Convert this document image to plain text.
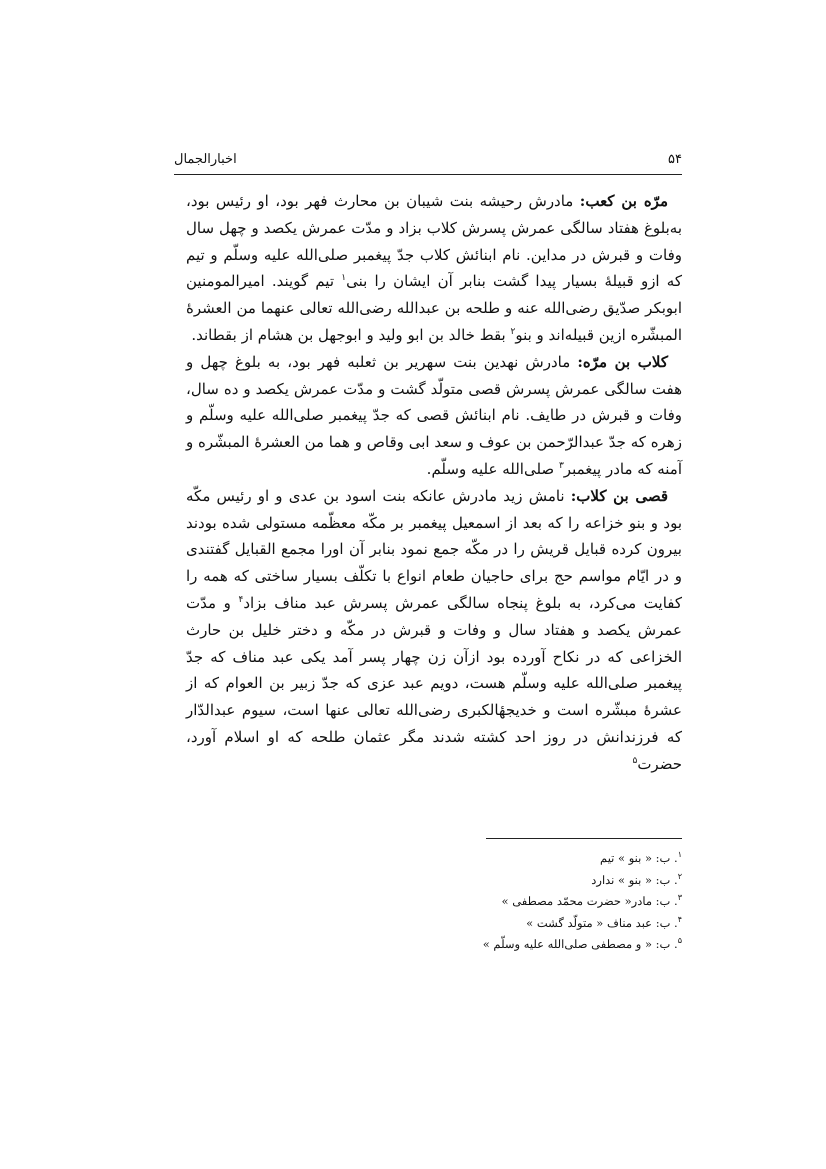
۵۴
اخبارالجمال

مرّه بن کعب: مادرش رحیشه بنت شیبان بن محارث فهر بود، او رئیس بود، به‌بلوغ هفتاد سالگی عمرش پسرش کلاب بزاد و مدّت عمرش یکصد و چهل سال وفات و قبرش در مداین. نام ابنائش کلاب جدّ پیغمبر صلی‌الله علیه وسلّم و تیم که ازو قبیلهٔ بسیار پیدا گشت بنابر آن ایشان را بنی$^۱$ تیم گویند. امیرالمومنین ابوبکر صدّیق رضی‌الله عنه و طلحه بن عبدالله رضی‌الله تعالی عنهما من العشرهٔ المبشّره ازین قبیله‌اند و بنو$^۲$ بقط خالد بن ابو ولید و ابوجهل بن هشام از بقطاند.

کلاب بن مرّه: مادرش نهدین بنت سهریر بن ثعلبه فهر بود، به بلوغ چهل و هفت سالگی عمرش پسرش قصی متولّد گشت و مدّت عمرش یکصد و ده سال، وفات و قبرش در طایف. نام ابنائش قصی که جدّ پیغمبر صلی‌الله علیه وسلّم و زهره که جدّ عبدالرّحمن بن عوف و سعد ابی وقاص و هما من العشرهٔ المبشّره و آمنه که مادر پیغمبر$^۳$ صلی‌الله علیه وسلّم.

قصی بن کلاب: نامش زید مادرش عانکه بنت اسود بن عدی و او رئیس مکّه بود و بنو خزاعه را که بعد از اسمعیل پیغمبر بر مکّه معظّمه مستولی شده بودند بیرون کرده قبایل قریش را در مکّه جمع نمود بنابر آن اورا مجمع القبایل گفتندی و در ایّام مواسم حج برای حاجیان طعام انواع با تکلّف بسیار ساختی که همه را کفایت می‌کرد، به بلوغ پنجاه سالگی عمرش پسرش عبد مناف بزاد$^۴$ و مدّت عمرش یکصد و هفتاد سال و وفات و قبرش در مکّه و دختر خلیل بن حارث الخزاعی که در نکاح آورده بود ازآن زن چهار پسر آمد یکی عبد مناف که جدّ پیغمبر صلی‌الله علیه وسلّم هست، دویم عبد عزی که جدّ زبیر بن العوام که از عشرهٔ مبشّره است و خدیجهٔالکبری رضی‌الله تعالی عنها است، سیوم عبدالدّار که فرزندانش در روز احد کشته شدند مگر عثمان طلحه که او اسلام آورد، حضرت$^۵$

$^۱$. ب: « بنو » تیم
$^۲$. ب: « بنو » ندارد
$^۳$. ب: مادر« حضرت محمّد مصطفی »
$^۴$. ب: عبد مناف « متولّد گشت »
$^۵$. ب: « و مصطفی صلی‌الله علیه وسلّم »
